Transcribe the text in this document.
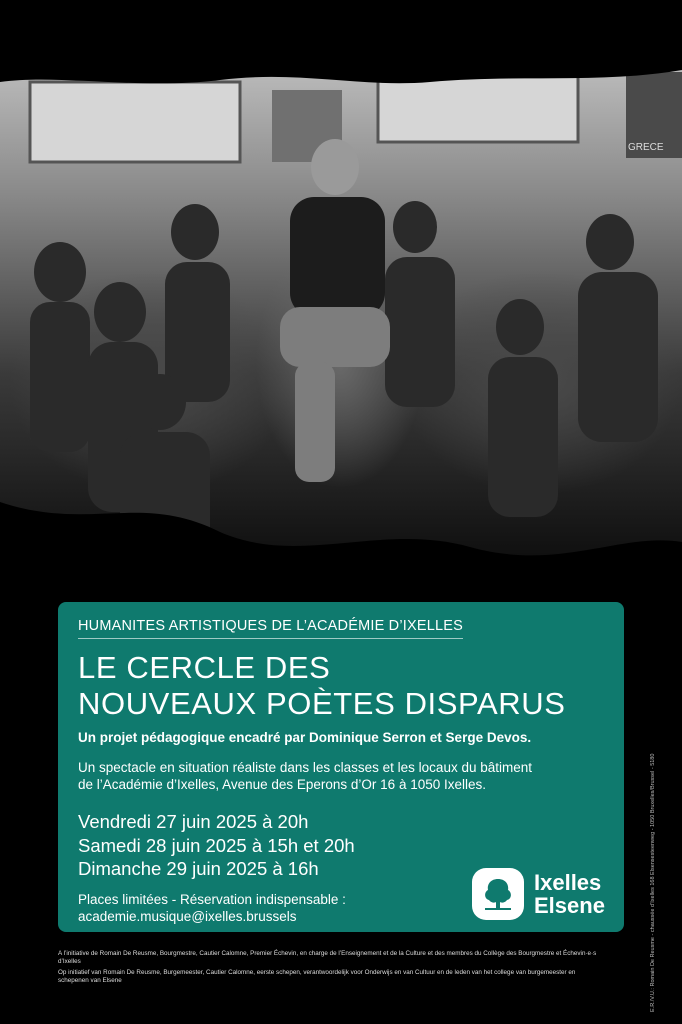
GRECE
HUMANITES ARTISTIQUES DE L’ACADÉMIE D’IXELLES
LE CERCLE DES
NOUVEAUX POÈTES DISPARUS
Un projet pédagogique encadré par Dominique Serron et Serge Devos.
Un spectacle en situation réaliste dans les classes et les locaux du bâtiment
de l’Académie d’Ixelles, Avenue des Eperons d’Or 16 à 1050 Ixelles.
Vendredi 27 juin 2025 à 20h
Samedi 28 juin 2025 à 15h et 20h
Dimanche 29 juin 2025 à 16h
Places limitées - Réservation indispensable :
academie.musique@ixelles.brussels
Ixelles
Elsene

A l’initiative de Romain De Reusme, Bourgmestre, Cautier Calomne, Premier Échevin, en charge de l’Enseignement et de la Culture et des membres du Collège des Bourgmestre et Échevin·e·s d’Ixelles

Op initiatief van Romain De Reusme, Burgemeester, Cautier Calomne, eerste schepen, verantwoordelijk voor Onderwijs en van Cultuur en de leden van het college van burgemeester en schepenen van Elsene	E.R./V.U.: Romain De Reusme - chaussée d’Ixelles 168 Elsensesteenweg - 1050 Bruxelles/Brussel - 5180
